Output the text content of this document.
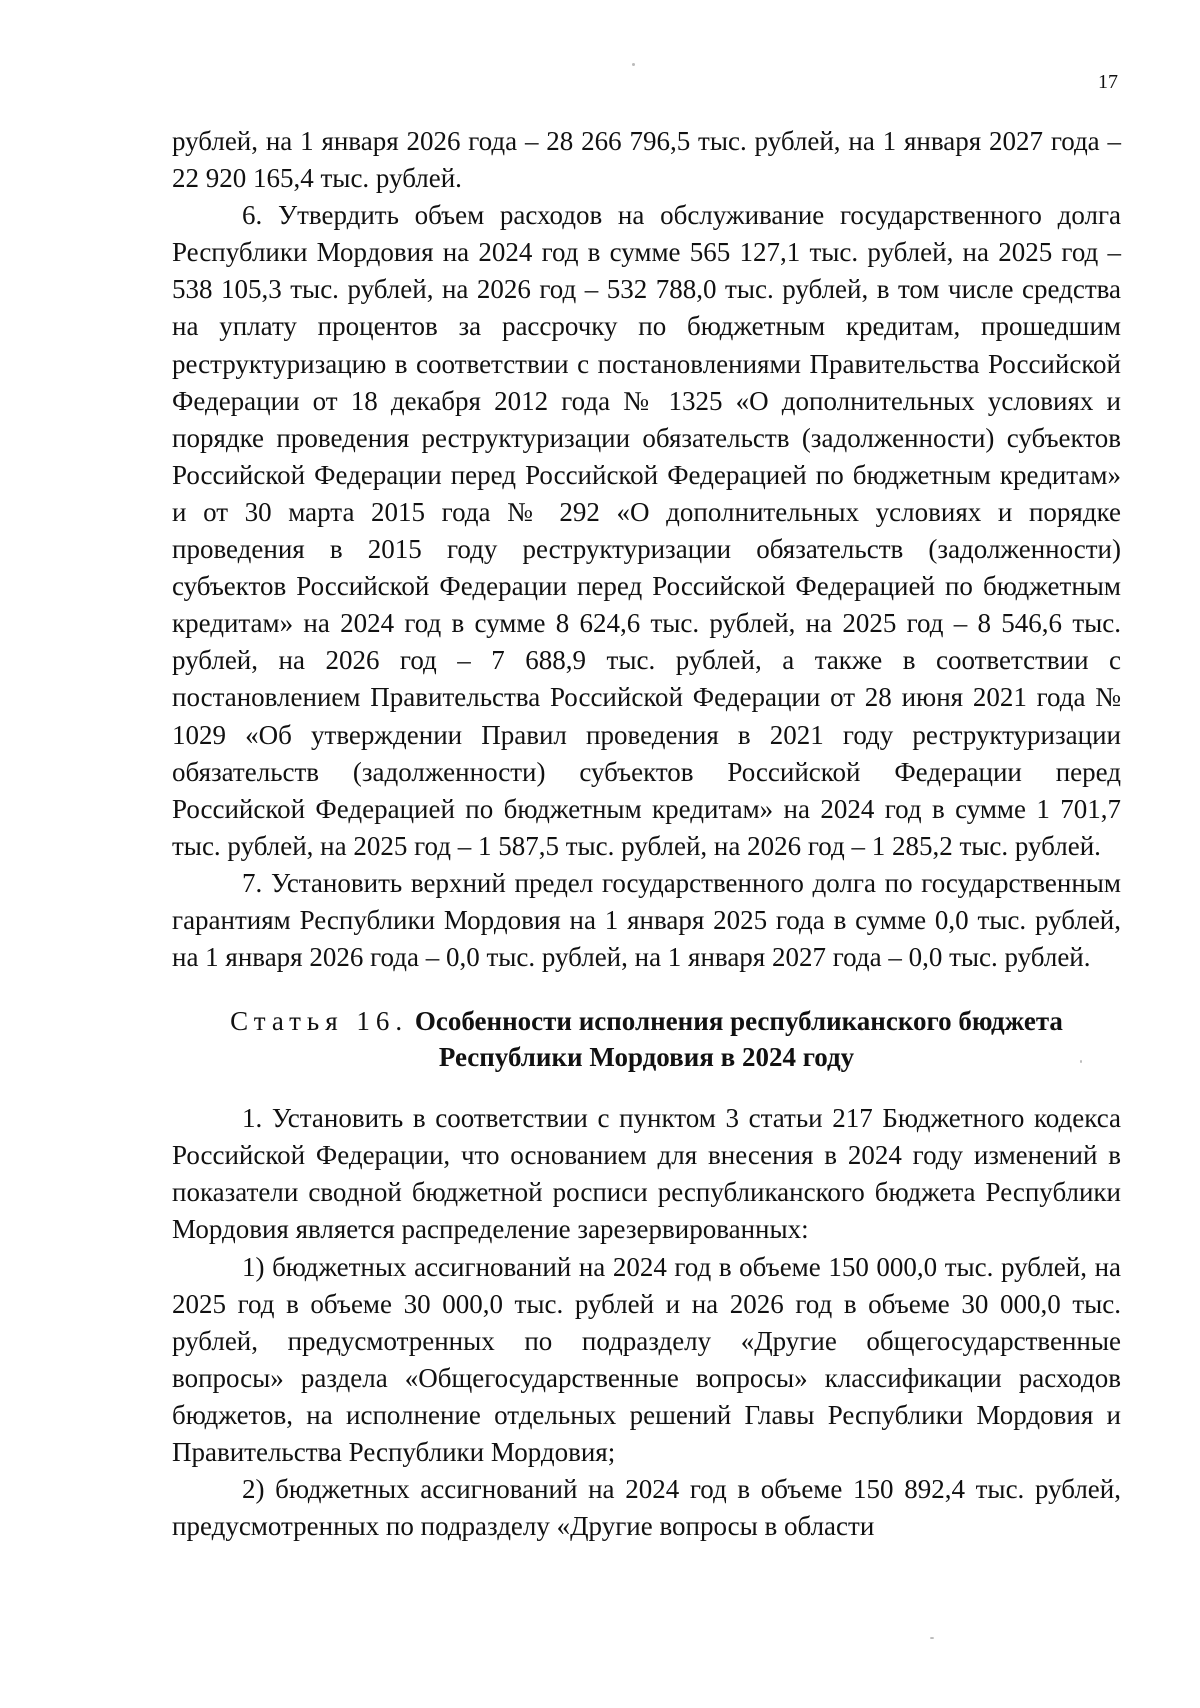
17

рублей, на 1 января 2026 года – 28 266 796,5 тыс. рублей, на 1 января 2027 года – 22 920 165,4 тыс. рублей.

6. Утвердить объем расходов на обслуживание государственного долга Республики Мордовия на 2024 год в сумме 565 127,1 тыс. рублей, на 2025 год – 538 105,3 тыс. рублей, на 2026 год – 532 788,0 тыс. рублей, в том числе средства на уплату процентов за рассрочку по бюджетным кредитам, прошедшим реструктуризацию в соответствии с постановлениями Правительства Российской Федерации от 18 декабря 2012 года № 1325 «О дополнительных условиях и порядке проведения реструктуризации обязательств (задолженности) субъектов Российской Федерации перед Российской Федерацией по бюджетным кредитам» и от 30 марта 2015 года № 292 «О дополнительных условиях и порядке проведения в 2015 году реструктуризации обязательств (задолженности) субъектов Российской Федерации перед Российской Федерацией по бюджетным кредитам» на 2024 год в сумме 8 624,6 тыс. рублей, на 2025 год – 8 546,6 тыс. рублей, на 2026 год – 7 688,9 тыс. рублей, а также в соответствии с постановлением Правительства Российской Федерации от 28 июня 2021 года № 1029 «Об утверждении Правил проведения в 2021 году реструктуризации обязательств (задолженности) субъектов Российской Федерации перед Российской Федерацией по бюджетным кредитам» на 2024 год в сумме 1 701,7 тыс. рублей, на 2025 год – 1 587,5 тыс. рублей, на 2026 год – 1 285,2 тыс. рублей.

7. Установить верхний предел государственного долга по государственным гарантиям Республики Мордовия на 1 января 2025 года в сумме 0,0 тыс. рублей, на 1 января 2026 года – 0,0 тыс. рублей, на 1 января 2027 года – 0,0 тыс. рублей.

Статья 16. Особенности исполнения республиканского бюджета
Республики Мордовия в 2024 году

1. Установить в соответствии с пунктом 3 статьи 217 Бюджетного кодекса Российской Федерации, что основанием для внесения в 2024 году изменений в показатели сводной бюджетной росписи республиканского бюджета Республики Мордовия является распределение зарезервированных:

1) бюджетных ассигнований на 2024 год в объеме 150 000,0 тыс. рублей, на 2025 год в объеме 30 000,0 тыс. рублей и на 2026 год в объеме 30 000,0 тыс. рублей, предусмотренных по подразделу «Другие общегосударственные вопросы» раздела «Общегосударственные вопросы» классификации расходов бюджетов, на исполнение отдельных решений Главы Республики Мордовия и Правительства Республики Мордовия;

2) бюджетных ассигнований на 2024 год в объеме 150 892,4 тыс. рублей, предусмотренных по подразделу «Другие вопросы в области
